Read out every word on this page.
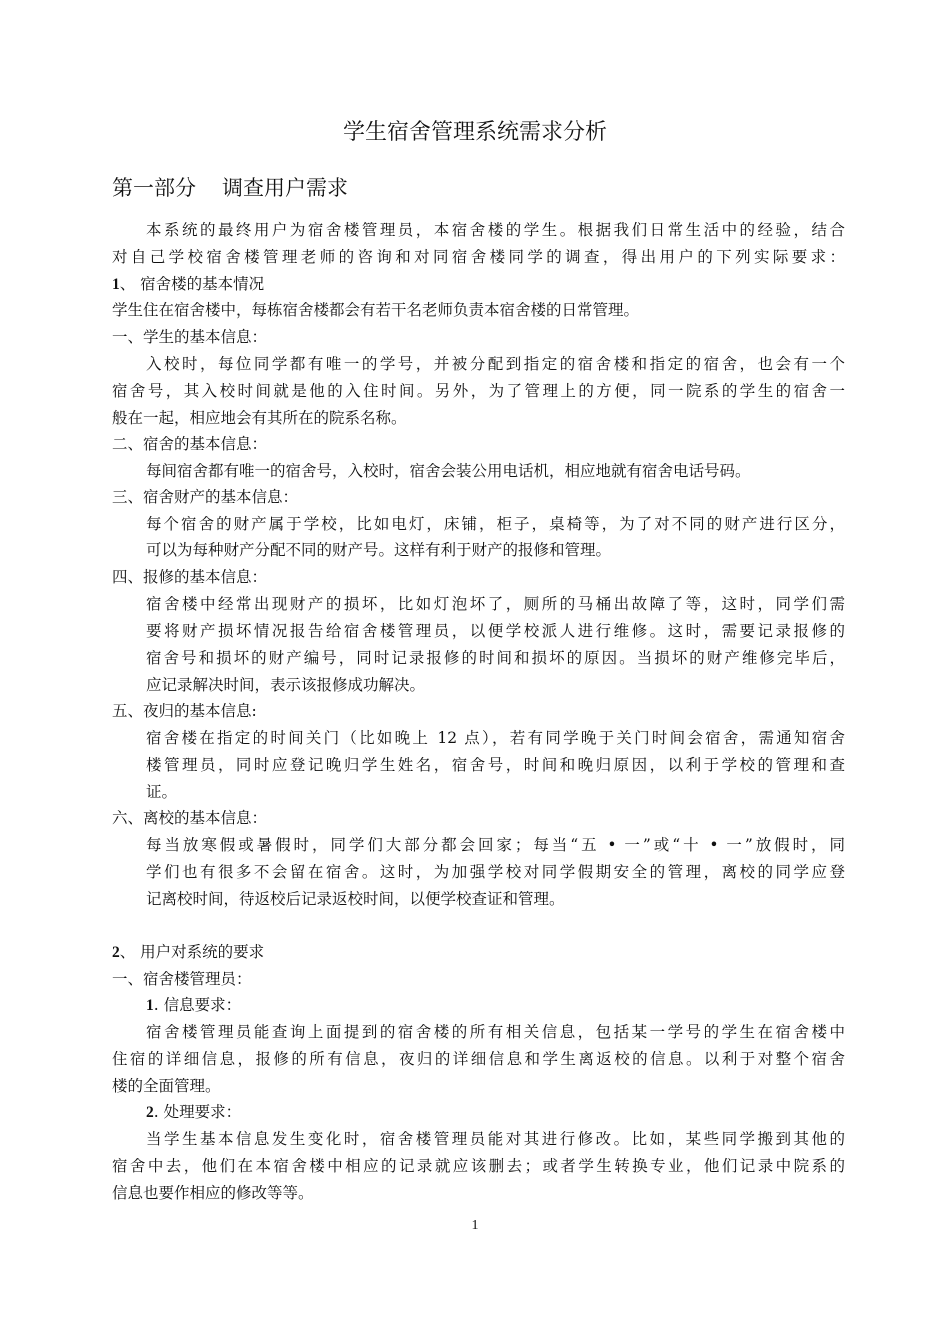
学生宿舍管理系统需求分析
第一部分 调查用户需求
本系统的最终用户为宿舍楼管理员，本宿舍楼的学生。根据我们日常生活中的经验，结合
对自己学校宿舍楼管理老师的咨询和对同宿舍楼同学的调查，得出用户的下列实际要求：
1、 宿舍楼的基本情况
学生住在宿舍楼中，每栋宿舍楼都会有若干名老师负责本宿舍楼的日常管理。
一、学生的基本信息：
入校时，每位同学都有唯一的学号，并被分配到指定的宿舍楼和指定的宿舍，也会有一个
宿舍号，其入校时间就是他的入住时间。另外，为了管理上的方便，同一院系的学生的宿舍一
般在一起，相应地会有其所在的院系名称。
二、宿舍的基本信息：
每间宿舍都有唯一的宿舍号，入校时，宿舍会装公用电话机，相应地就有宿舍电话号码。
三、宿舍财产的基本信息：
每个宿舍的财产属于学校，比如电灯，床铺，柜子，桌椅等，为了对不同的财产进行区分，
可以为每种财产分配不同的财产号。这样有利于财产的报修和管理。
四、报修的基本信息：
宿舍楼中经常出现财产的损坏，比如灯泡坏了，厕所的马桶出故障了等，这时，同学们需
要将财产损坏情况报告给宿舍楼管理员，以便学校派人进行维修。这时，需要记录报修的
宿舍号和损坏的财产编号，同时记录报修的时间和损坏的原因。当损坏的财产维修完毕后，
应记录解决时间，表示该报修成功解决。
五、夜归的基本信息:
宿舍楼在指定的时间关门（比如晚上 12 点），若有同学晚于关门时间会宿舍，需通知宿舍
楼管理员，同时应登记晚归学生姓名，宿舍号，时间和晚归原因，以利于学校的管理和查
证。
六、离校的基本信息：
每当放寒假或暑假时，同学们大部分都会回家；每当“五 • 一”或“十 • 一”放假时，同
学们也有很多不会留在宿舍。这时，为加强学校对同学假期安全的管理，离校的同学应登
记离校时间，待返校后记录返校时间，以便学校查证和管理。
2、 用户对系统的要求
一、宿舍楼管理员：
1. 信息要求：
宿舍楼管理员能查询上面提到的宿舍楼的所有相关信息，包括某一学号的学生在宿舍楼中
住宿的详细信息，报修的所有信息，夜归的详细信息和学生离返校的信息。以利于对整个宿舍
楼的全面管理。
2. 处理要求：
当学生基本信息发生变化时，宿舍楼管理员能对其进行修改。比如，某些同学搬到其他的
宿舍中去，他们在本宿舍楼中相应的记录就应该删去；或者学生转换专业，他们记录中院系的
信息也要作相应的修改等等。
1
